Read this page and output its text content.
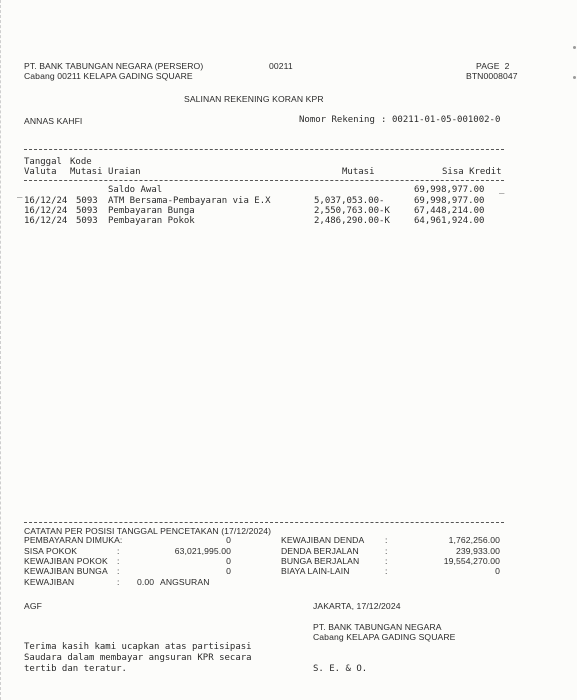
PT. BANK TABUNGAN NEGARA (PERSERO)	00211	PAGE  2
Cabang 00211 KELAPA GADING SQUARE	BTN0008047
SALINAN REKENING KORAN KPR
ANNAS KAHFI	Nomor Rekening : 00211-01-05-001002-0
Tanggal Kode
Valuta Mutasi Uraian	Mutasi	Sisa Kredit
Saldo Awal	69,998,977.00 _
_
16/12/24 5093 ATM Bersama-Pembayaran via E.X	5,037,053.00-	69,998,977.00
16/12/24 5093 Pembayaran Bunga	2,550,763.00-K	67,448,214.00
16/12/24 5093 Pembayaran Pokok	2,486,290.00-K	64,961,924.00
CATATAN PER POSISI TANGGAL PENCETAKAN (17/12/2024)
PEMBAYARAN DIMUKA:	0
SISA POKOK	:	63,021,995.00
KEWAJIBAN POKOK :	0
KEWAJIBAN BUNGA :	0
KEWAJIBAN	: 0.00 ANGSURAN
KEWAJIBAN DENDA :	1,762,256.00
DENDA BERJALAN	:	239,933.00
BUNGA BERJALAN	:	19,554,270.00
BIAYA LAIN-LAIN	:	0
AGF	JAKARTA, 17/12/2024
PT. BANK TABUNGAN NEGARA
Cabang KELAPA GADING SQUARE
Terima kasih kami ucapkan atas partisipasi
Saudara dalam membayar angsuran KPR secara
tertib dan teratur.	S. E. & O.
